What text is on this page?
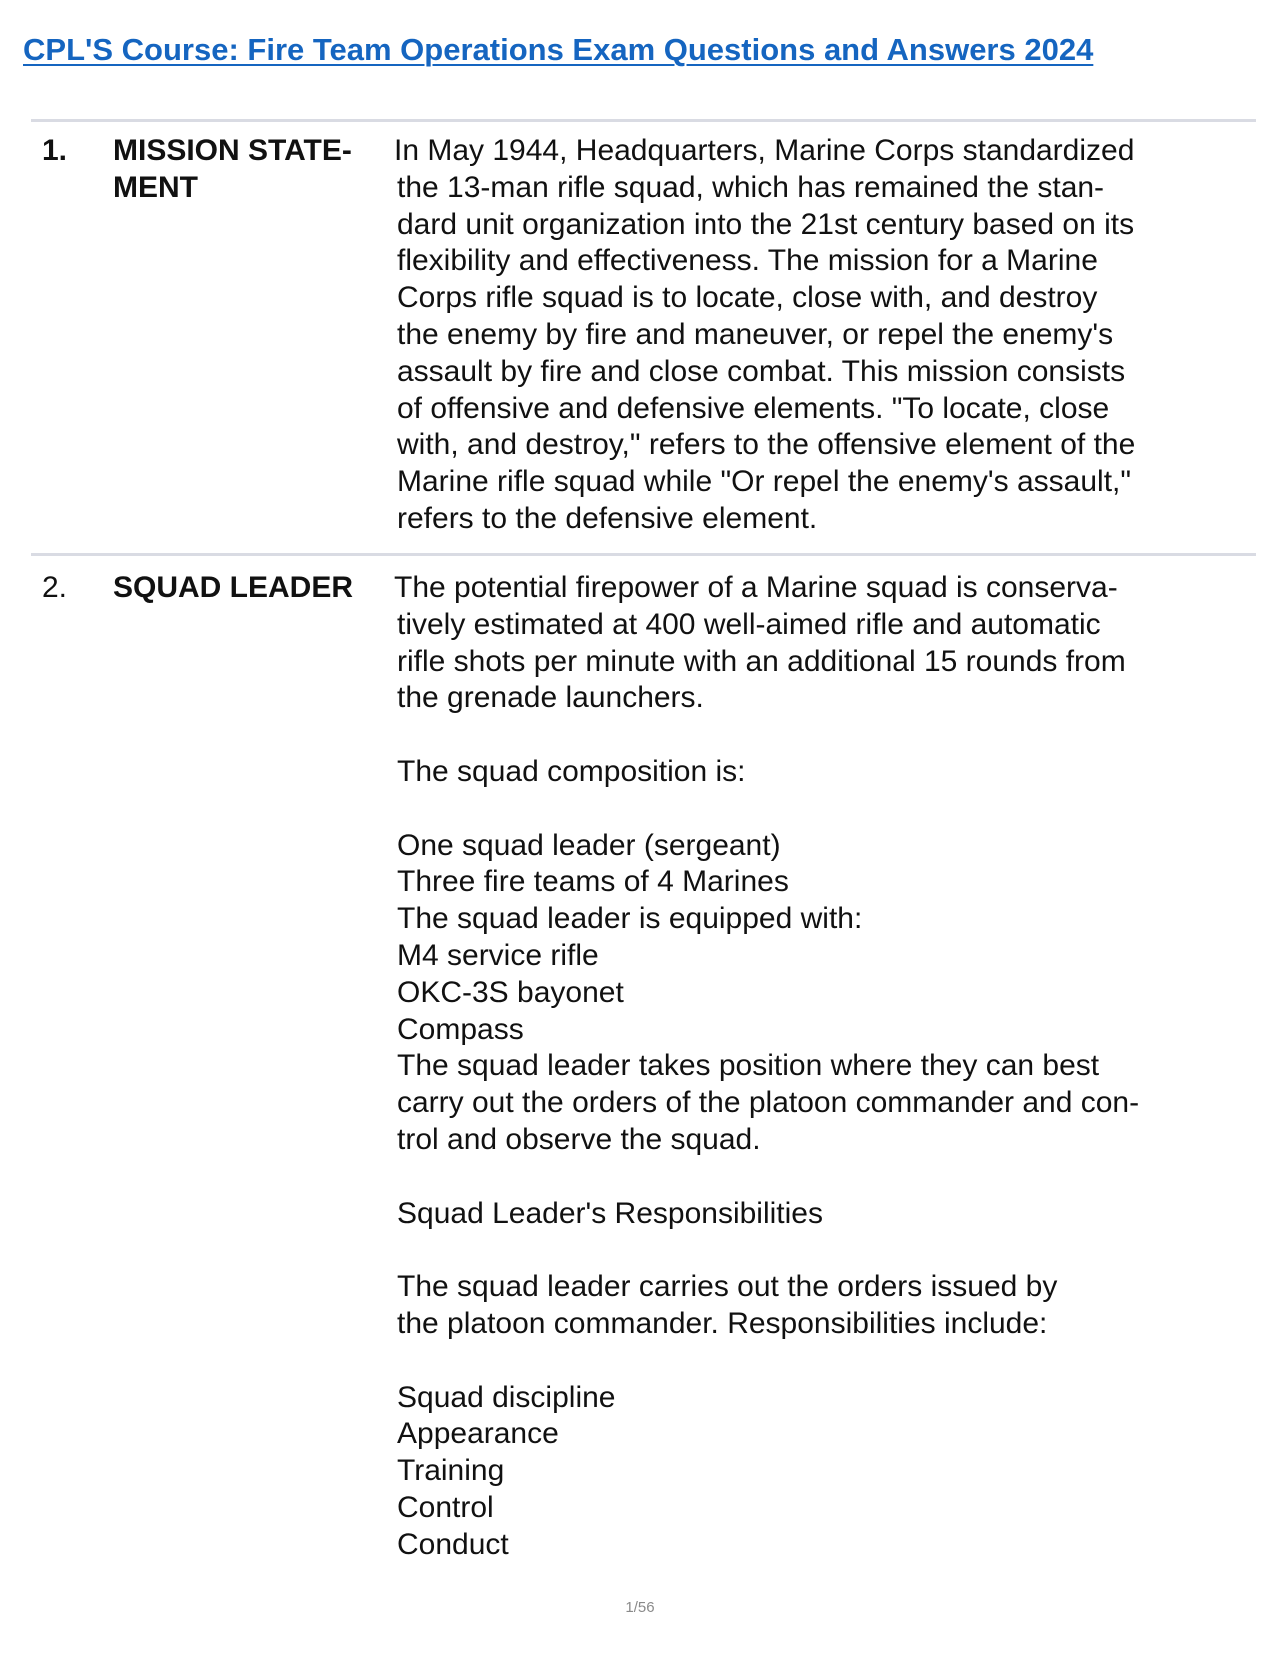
CPL'S Course: Fire Team Operations Exam Questions and Answers 2024
1. MISSION STATE-
MENT
In May 1944, Headquarters, Marine Corps standardized
the 13-man rifle squad, which has remained the stan-
dard unit organization into the 21st century based on its
flexibility and effectiveness. The mission for a Marine
Corps rifle squad is to locate, close with, and destroy
the enemy by fire and maneuver, or repel the enemy's
assault by fire and close combat. This mission consists
of offensive and defensive elements. "To locate, close
with, and destroy," refers to the offensive element of the
Marine rifle squad while "Or repel the enemy's assault,"
refers to the defensive element.
2. SQUAD LEADER The potential firepower of a Marine squad is conserva-
tively estimated at 400 well-aimed rifle and automatic
rifle shots per minute with an additional 15 rounds from
the grenade launchers.
The squad composition is:
One squad leader (sergeant)
Three fire teams of 4 Marines
The squad leader is equipped with:
M4 service rifle
OKC-3S bayonet
Compass
The squad leader takes position where they can best
carry out the orders of the platoon commander and con-
trol and observe the squad.
Squad Leader's Responsibilities
The squad leader carries out the orders issued by
the platoon commander. Responsibilities include:
Squad discipline
Appearance
Training
Control
Conduct
1/56
